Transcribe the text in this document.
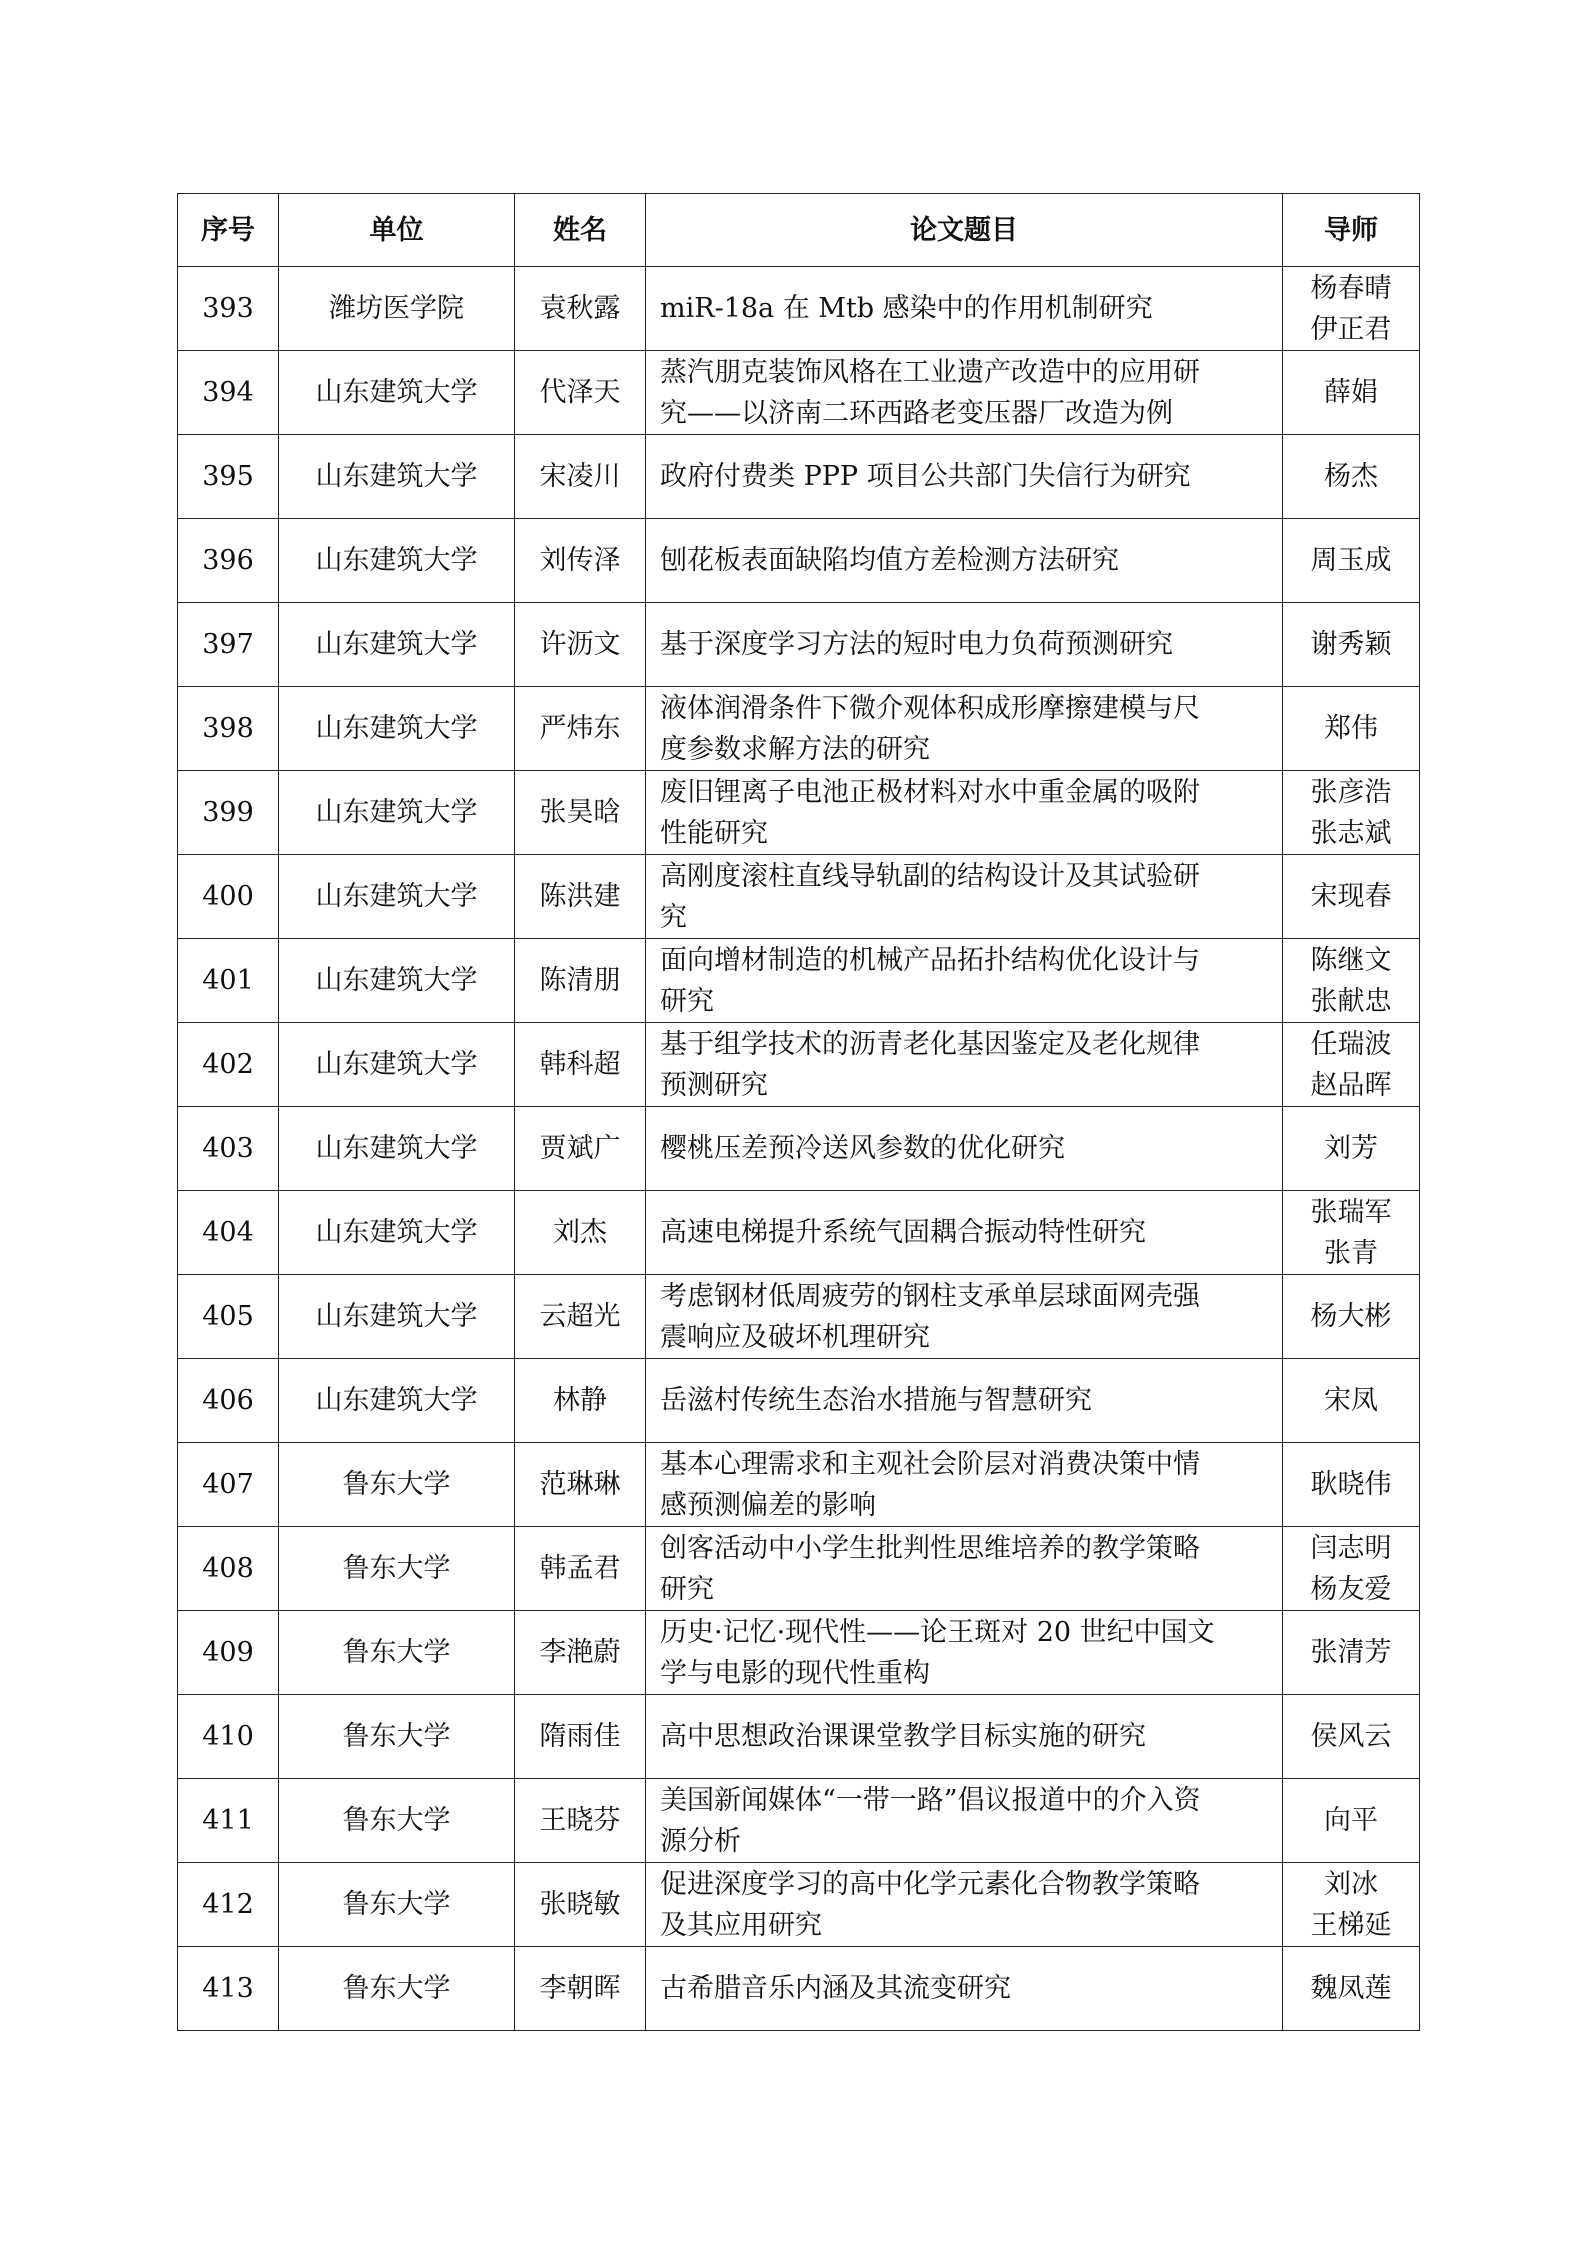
序号	单位	姓名	论文题目	导师
393	潍坊医学院	袁秋露	miR-18a 在 Mtb 感染中的作用机制研究	杨春晴
伊正君

394	山东建筑大学	代泽天	蒸汽朋克装饰风格在工业遗产改造中的应用研
究——以济南二环西路老变压器厂改造为例	薛娟

395	山东建筑大学	宋凌川	政府付费类 PPP 项目公共部门失信行为研究	杨杰

396	山东建筑大学	刘传泽	刨花板表面缺陷均值方差检测方法研究	周玉成

397	山东建筑大学	许沥文	基于深度学习方法的短时电力负荷预测研究	谢秀颖

398	山东建筑大学	严炜东	液体润滑条件下微介观体积成形摩擦建模与尺
度参数求解方法的研究	郑伟

399	山东建筑大学	张昊晗	废旧锂离子电池正极材料对水中重金属的吸附
性能研究	张彦浩
张志斌

400	山东建筑大学	陈洪建	高刚度滚柱直线导轨副的结构设计及其试验研
究	宋现春

401	山东建筑大学	陈清朋	面向增材制造的机械产品拓扑结构优化设计与
研究	陈继文
张献忠

402	山东建筑大学	韩科超	基于组学技术的沥青老化基因鉴定及老化规律
预测研究	任瑞波
赵品晖

403	山东建筑大学	贾斌广	樱桃压差预冷送风参数的优化研究	刘芳

404	山东建筑大学	刘杰	高速电梯提升系统气固耦合振动特性研究	张瑞军
张青

405	山东建筑大学	云超光	考虑钢材低周疲劳的钢柱支承单层球面网壳强
震响应及破坏机理研究	杨大彬

406	山东建筑大学	林静	岳滋村传统生态治水措施与智慧研究	宋凤

407	鲁东大学	范琳琳	基本心理需求和主观社会阶层对消费决策中情
感预测偏差的影响	耿晓伟

408	鲁东大学	韩孟君	创客活动中小学生批判性思维培养的教学策略
研究	闫志明
杨友爱

409	鲁东大学	李滟蔚	历史·记忆·现代性——论王斑对 20 世纪中国文
学与电影的现代性重构	张清芳

410	鲁东大学	隋雨佳	高中思想政治课课堂教学目标实施的研究	侯风云

411	鲁东大学	王晓芬	美国新闻媒体“一带一路”倡议报道中的介入资
源分析	向平

412	鲁东大学	张晓敏	促进深度学习的高中化学元素化合物教学策略
及其应用研究	刘冰
王梯延

413	鲁东大学	李朝晖	古希腊音乐内涵及其流变研究	魏凤莲
